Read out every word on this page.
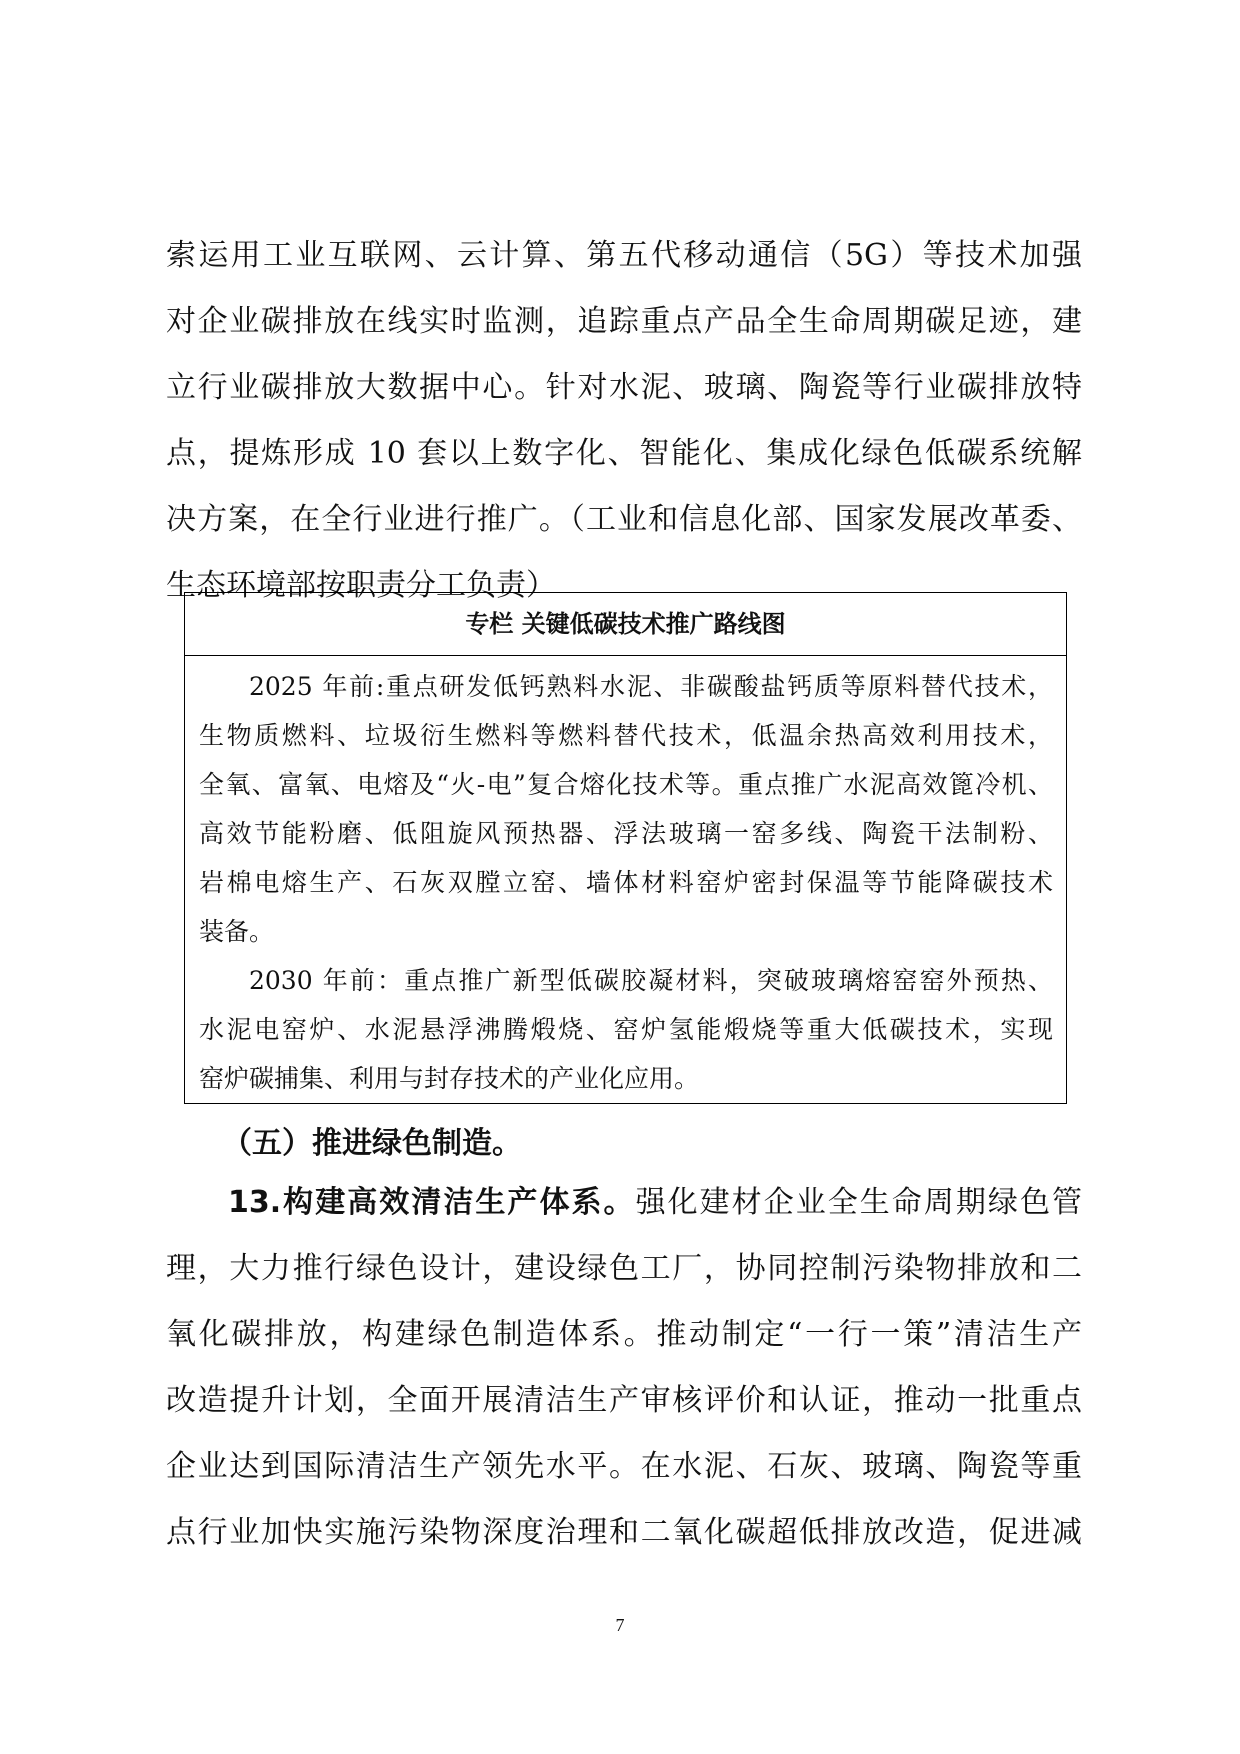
索运用工业互联网、云计算、第五代移动通信（5G）等技术加强
对企业碳排放在线实时监测，追踪重点产品全生命周期碳足迹，建
立行业碳排放大数据中心。针对水泥、玻璃、陶瓷等行业碳排放特
点，提炼形成 10 套以上数字化、智能化、集成化绿色低碳系统解
决方案，在全行业进行推广。（工业和信息化部、国家发展改革委、
生态环境部按职责分工负责）
专栏 关键低碳技术推广路线图
2025 年前:重点研发低钙熟料水泥、非碳酸盐钙质等原料替代技术，
生物质燃料、垃圾衍生燃料等燃料替代技术，低温余热高效利用技术，
全氧、富氧、电熔及“火-电”复合熔化技术等。重点推广水泥高效篦冷机、
高效节能粉磨、低阻旋风预热器、浮法玻璃一窑多线、陶瓷干法制粉、
岩棉电熔生产、石灰双膛立窑、墙体材料窑炉密封保温等节能降碳技术
装备。
2030 年前：重点推广新型低碳胶凝材料，突破玻璃熔窑窑外预热、
水泥电窑炉、水泥悬浮沸腾煅烧、窑炉氢能煅烧等重大低碳技术，实现
窑炉碳捕集、利用与封存技术的产业化应用。
（五）推进绿色制造。
13.构建高效清洁生产体系。强化建材企业全生命周期绿色管
理，大力推行绿色设计，建设绿色工厂，协同控制污染物排放和二
氧化碳排放，构建绿色制造体系。推动制定“一行一策”清洁生产
改造提升计划，全面开展清洁生产审核评价和认证，推动一批重点
企业达到国际清洁生产领先水平。在水泥、石灰、玻璃、陶瓷等重
点行业加快实施污染物深度治理和二氧化碳超低排放改造，促进减
7
